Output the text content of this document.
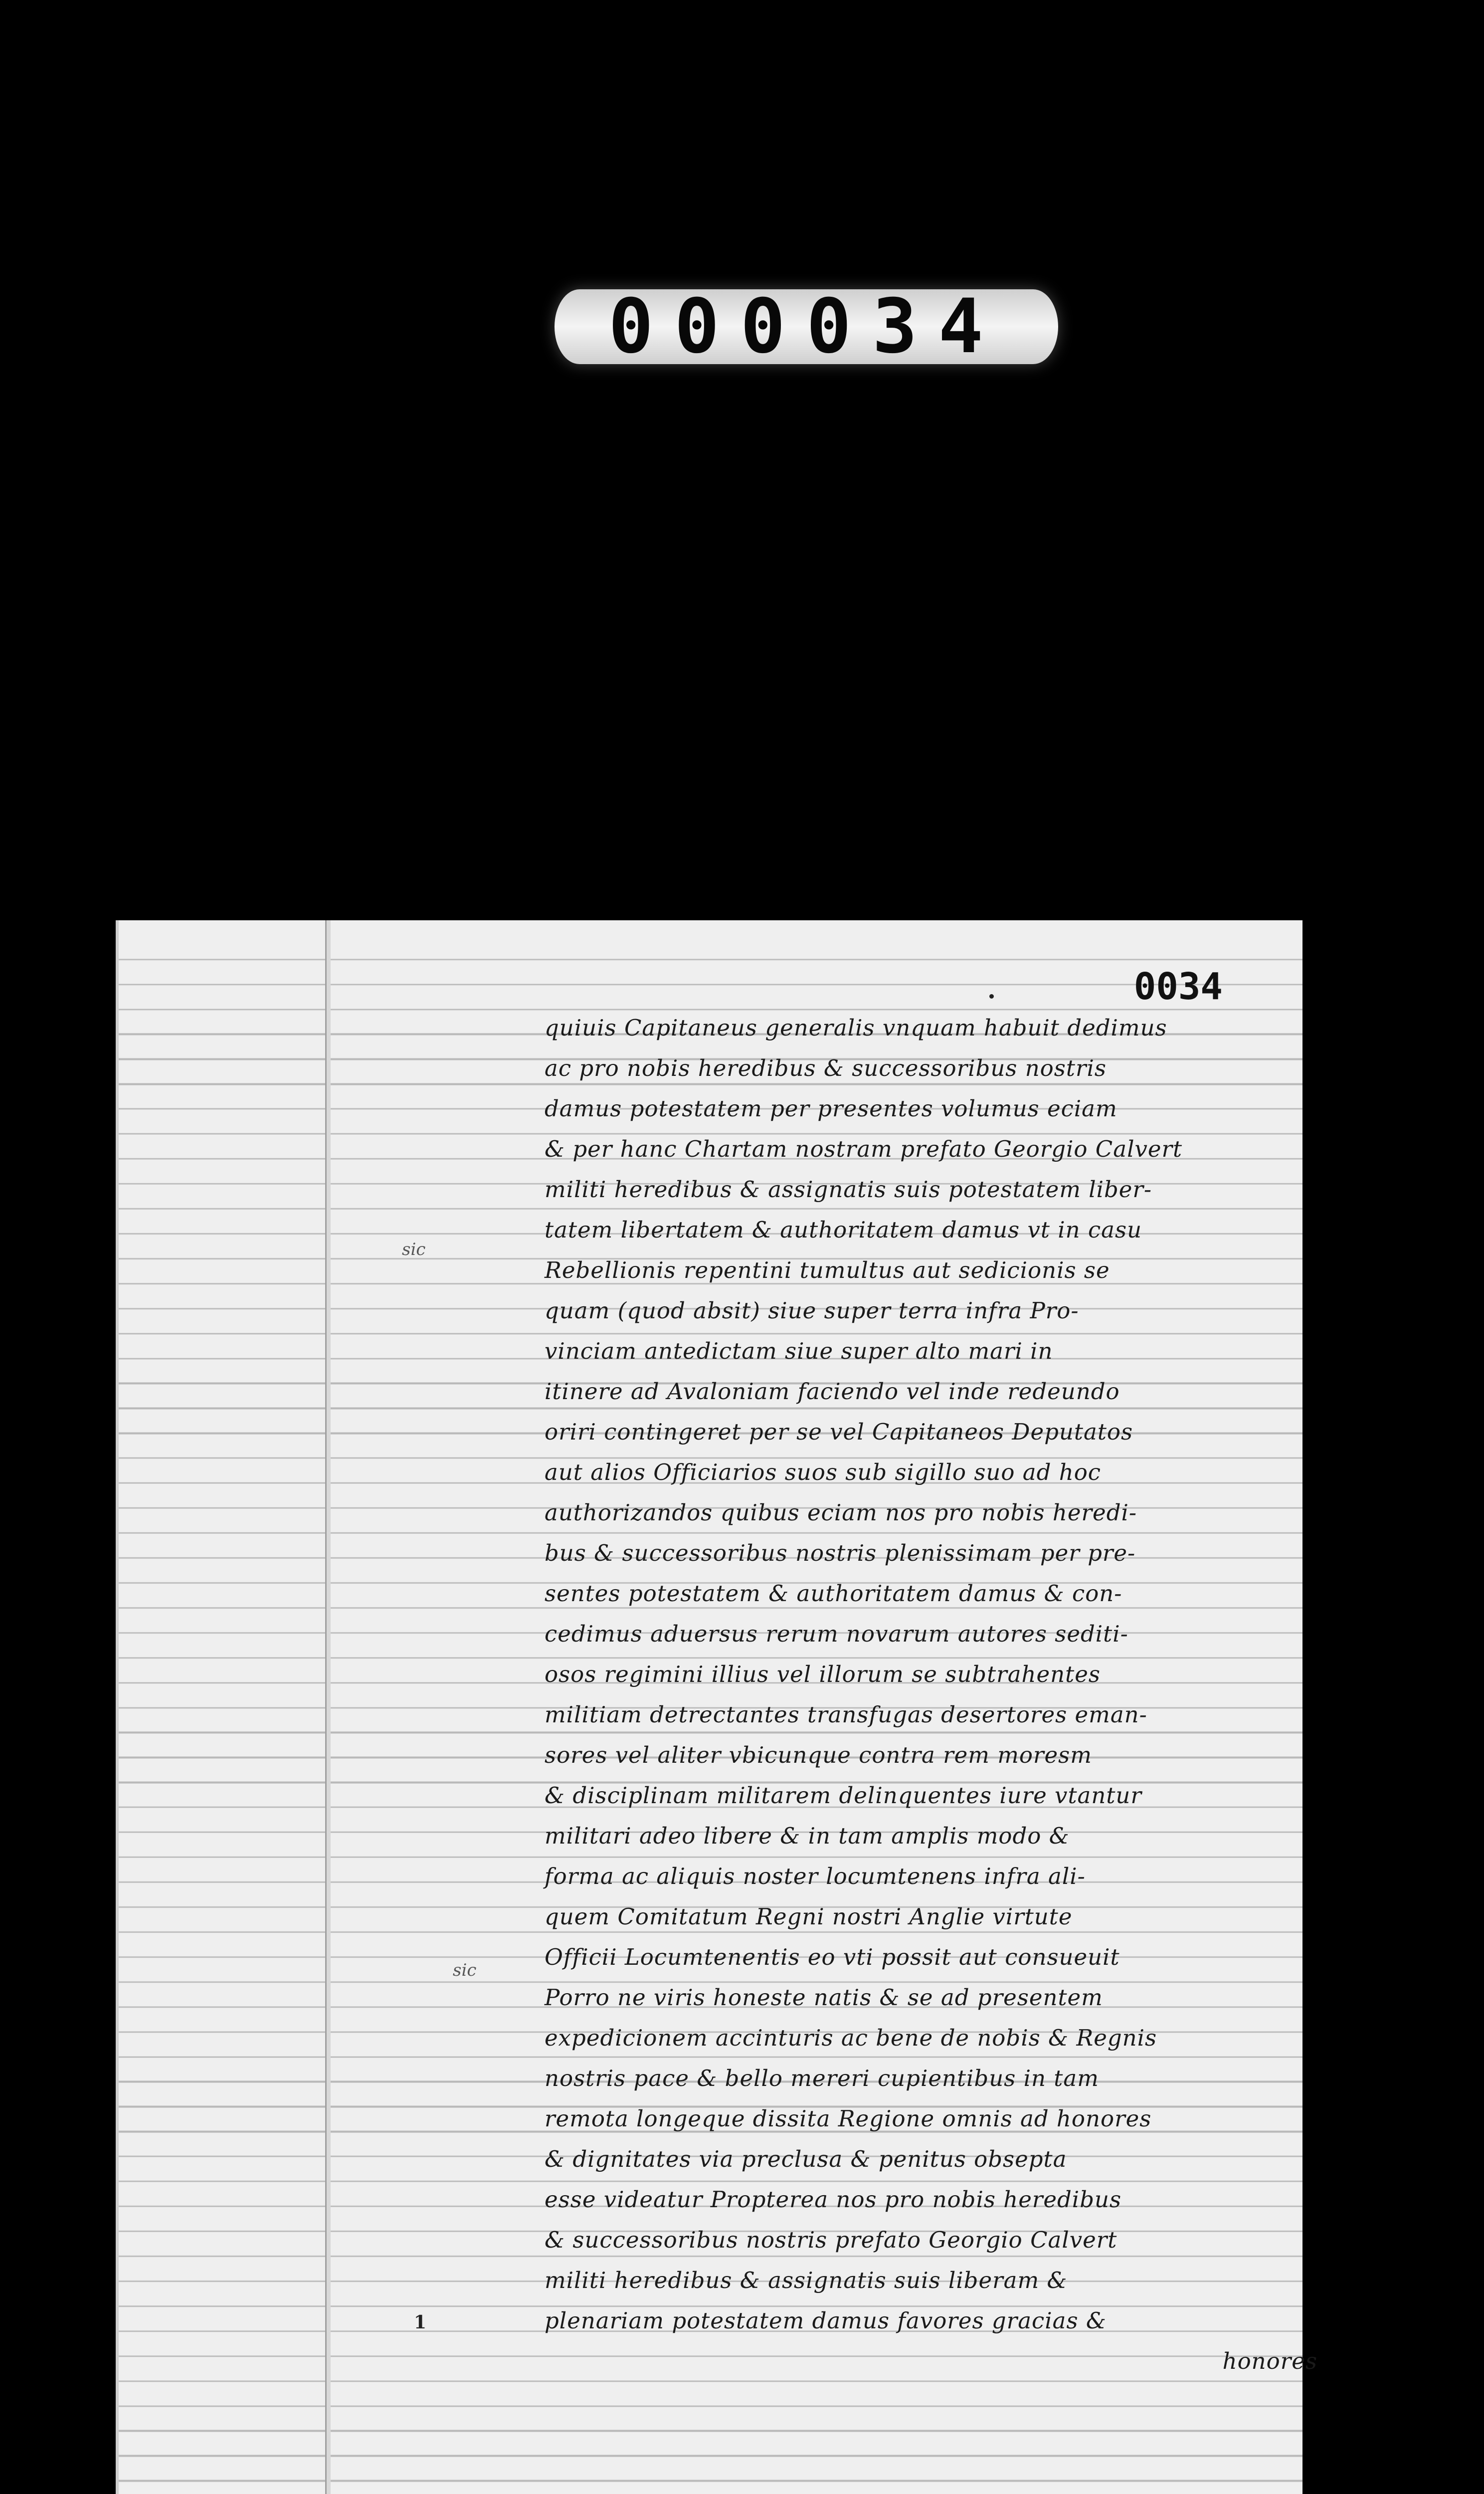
000034
0034
sic
sic
1
quiuis Capitaneus generalis vnquam habuit dedimus
ac pro nobis heredibus & successoribus nostris
damus potestatem per presentes volumus eciam
& per hanc Chartam nostram prefato Georgio Calvert
militi heredibus & assignatis suis potestatem liber-
tatem libertatem & authoritatem damus vt in casu
Rebellionis repentini tumultus aut sedicionis se
quam (quod absit) siue super terra infra Pro-
vinciam antedictam siue super alto mari in
itinere ad Avaloniam faciendo vel inde redeundo
oriri contingeret per se vel Capitaneos Deputatos
aut alios Officiarios suos sub sigillo suo ad hoc
authorizandos quibus eciam nos pro nobis heredi-
bus & successoribus nostris plenissimam per pre-
sentes potestatem & authoritatem damus & con-
cedimus aduersus rerum novarum autores sediti-
osos regimini illius vel illorum se subtrahentes
militiam detrectantes transfugas desertores eman-
sores vel aliter vbicunque contra rem moresm
& disciplinam militarem delinquentes iure vtantur
militari adeo libere & in tam amplis modo &
forma ac aliquis noster locumtenens infra ali-
quem Comitatum Regni nostri Anglie virtute
Officii Locumtenentis eo vti possit aut consueuit
Porro ne viris honeste natis & se ad presentem
expedicionem accinturis ac bene de nobis & Regnis
nostris pace & bello mereri cupientibus in tam
remota longeque dissita Regione omnis ad honores
& dignitates via preclusa & penitus obsepta
esse videatur Propterea nos pro nobis heredibus
& successoribus nostris prefato Georgio Calvert
militi heredibus & assignatis suis liberam &
plenariam potestatem damus favores gracias &
honores
